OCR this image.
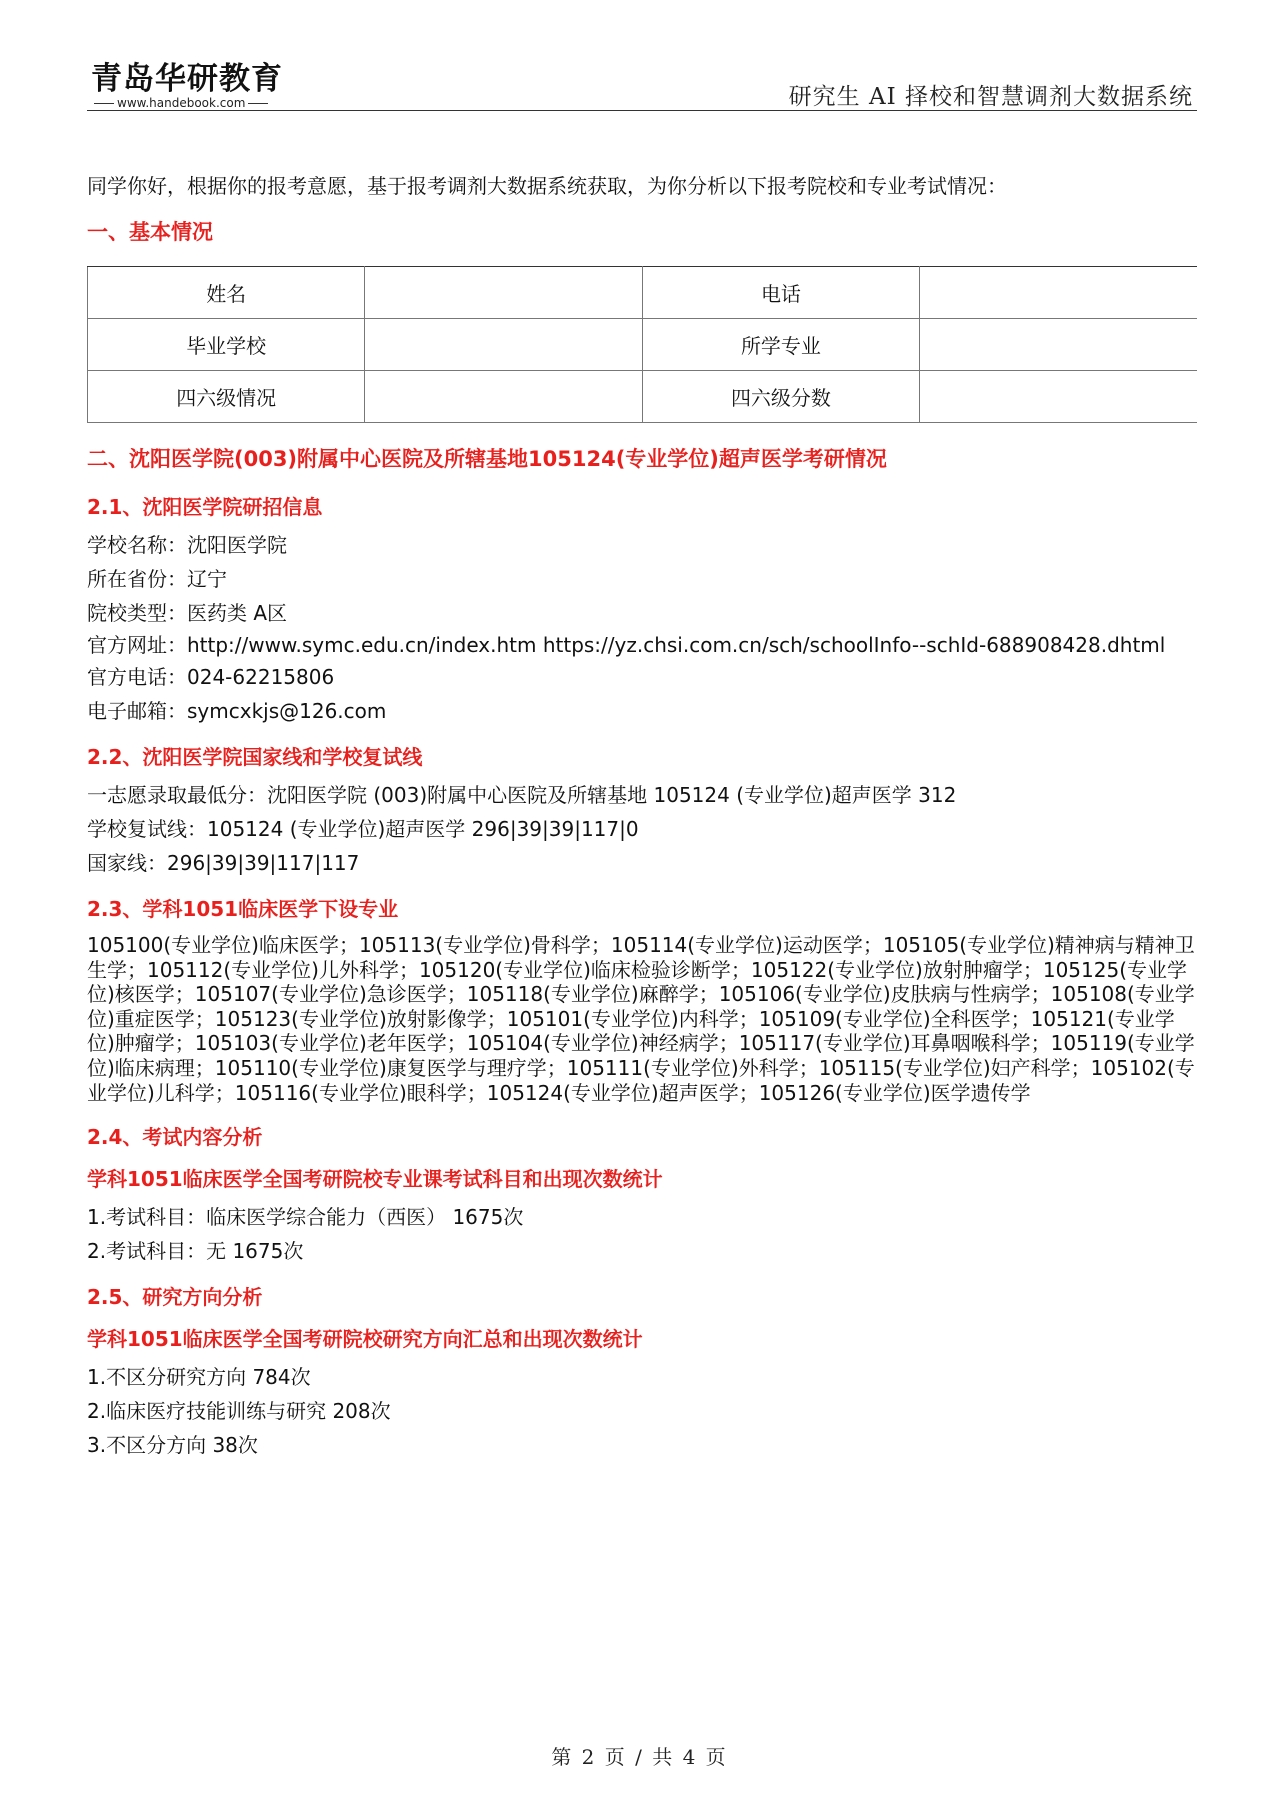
青岛华研教育
www.handebook.com	研究生 AI 择校和智慧调剂大数据系统

同学你好，根据你的报考意愿，基于报考调剂大数据系统获取，为你分析以下报考院校和专业考试情况：

一、基本情况

姓名		电话	
毕业学校		所学专业	
四六级情况		四六级分数	

二、沈阳医学院(003)附属中心医院及所辖基地105124(专业学位)超声医学考研情况

2.1、沈阳医学院研招信息

学校名称：沈阳医学院

所在省份：辽宁

院校类型：医药类 A区

官方网址：http://www.symc.edu.cn/index.htm https://yz.chsi.com.cn/sch/schoolInfo--schId-688908428.dhtml

官方电话：024-62215806

电子邮箱：symcxkjs@126.com

2.2、沈阳医学院国家线和学校复试线

一志愿录取最低分：沈阳医学院 (003)附属中心医院及所辖基地 105124 (专业学位)超声医学 312

学校复试线：105124 (专业学位)超声医学 296|39|39|117|0

国家线：296|39|39|117|117

2.3、学科1051临床医学下设专业

105100(专业学位)临床医学；105113(专业学位)骨科学；105114(专业学位)运动医学；105105(专业学位)精神病与精神卫生学；105112(专业学位)儿外科学；105120(专业学位)临床检验诊断学；105122(专业学位)放射肿瘤学；105125(专业学位)核医学；105107(专业学位)急诊医学；105118(专业学位)麻醉学；105106(专业学位)皮肤病与性病学；105108(专业学位)重症医学；105123(专业学位)放射影像学；105101(专业学位)内科学；105109(专业学位)全科医学；105121(专业学位)肿瘤学；105103(专业学位)老年医学；105104(专业学位)神经病学；105117(专业学位)耳鼻咽喉科学；105119(专业学位)临床病理；105110(专业学位)康复医学与理疗学；105111(专业学位)外科学；105115(专业学位)妇产科学；105102(专业学位)儿科学；105116(专业学位)眼科学；105124(专业学位)超声医学；105126(专业学位)医学遗传学

2.4、考试内容分析

学科1051临床医学全国考研院校专业课考试科目和出现次数统计

1.考试科目：临床医学综合能力（西医） 1675次

2.考试科目：无 1675次

2.5、研究方向分析

学科1051临床医学全国考研院校研究方向汇总和出现次数统计

1.不区分研究方向 784次

2.临床医疗技能训练与研究 208次

3.不区分方向 38次

第 2 页 / 共 4 页
